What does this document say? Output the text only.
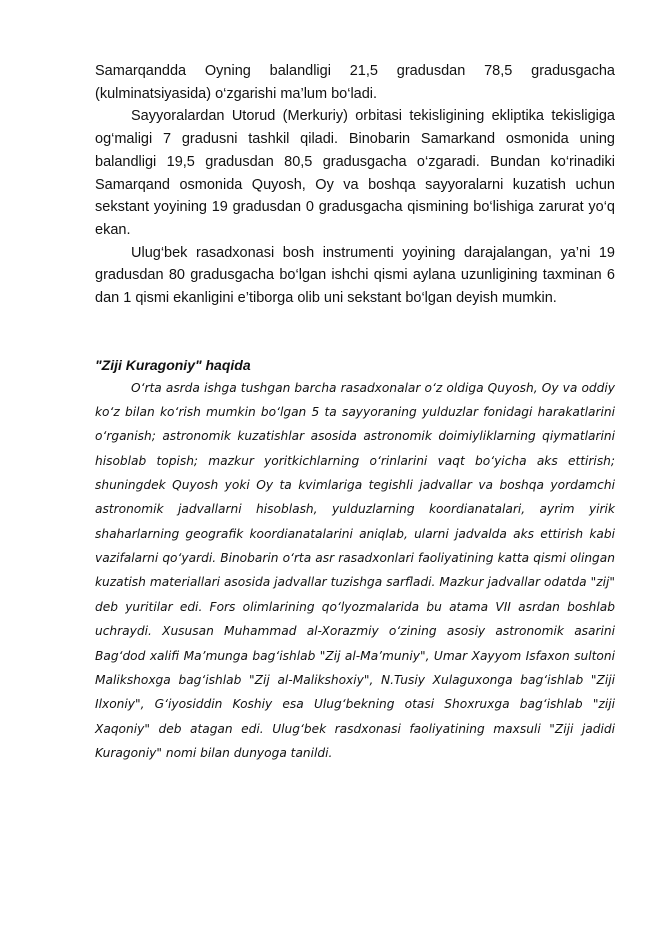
Samarqandda Oyning balandligi 21,5 gradusdan 78,5 gradusgacha (kulminatsiyasida) o‘zgarishi ma’lum bo‘ladi.

Sayyoralardan Utorud (Merkuriy) orbitasi tekisligining ekliptika tekisligiga og‘maligi 7 gradusni tashkil qiladi. Binobarin Samarkand osmonida uning balandligi 19,5 gradusdan 80,5 gradusgacha o‘zgaradi. Bundan ko‘rinadiki Samarqand osmonida Quyosh, Oy va boshqa sayyoralarni kuzatish uchun sekstant yoyining 19 gradusdan 0 gradusgacha qismining bo‘lishiga zarurat yo‘q ekan.

Ulug‘bek rasadxonasi bosh instrumenti yoyining darajalangan, ya’ni 19 gradusdan 80 gradusgacha bo‘lgan ishchi qismi aylana uzunligining taxminan 6 dan 1 qismi ekanligini e’tiborga olib uni sekstant bo‘lgan deyish mumkin.

"Ziji Kuragoniy" haqida

O‘rta asrda ishga tushgan barcha rasadxonalar o‘z oldiga Quyosh, Oy va oddiy ko‘z bilan ko‘rish mumkin bo‘lgan 5 ta sayyoraning yulduzlar fonidagi harakatlarini o‘rganish; astronomik kuzatishlar asosida astronomik doimiyliklarning qiymatlarini hisoblab topish; mazkur yoritkichlarning o‘rinlarini vaqt bo‘yicha aks ettirish; shuningdek Quyosh yoki Oy ta kvimlariga tegishli jadvallar va boshqa yordamchi astronomik jadvallarni hisoblash, yulduzlarning koordianatalari, ayrim yirik shaharlarning geografik koordianatalarini aniqlab, ularni jadvalda aks ettirish kabi vazifalarni qo‘yardi. Binobarin o‘rta asr rasadxonlari faoliyatining katta qismi olingan kuzatish materiallari asosida jadvallar tuzishga sarfladi. Mazkur jadvallar odatda "zij" deb yuritilar edi. Fors olimlarining qo‘lyozmalarida bu atama VII asrdan boshlab uchraydi. Xususan Muhammad al-Xorazmiy o‘zining asosiy astronomik asarini Bag‘dod xalifi Ma’munga bag‘ishlab "Zij al-Ma’muniy", Umar Xayyom Isfaxon sultoni Malikshoxga bag‘ishlab "Zij al-Malikshoxiy", N.Tusiy Xulaguxonga bag‘ishlab "Ziji Ilxoniy", G‘iyosiddin Koshiy esa Ulug‘bekning otasi Shoxruxga bag‘ishlab "ziji Xaqoniy" deb atagan edi. Ulug‘bek rasdxonasi faoliyatining maxsuli "Ziji jadidi Kuragoniy" nomi bilan dunyoga tanildi.
